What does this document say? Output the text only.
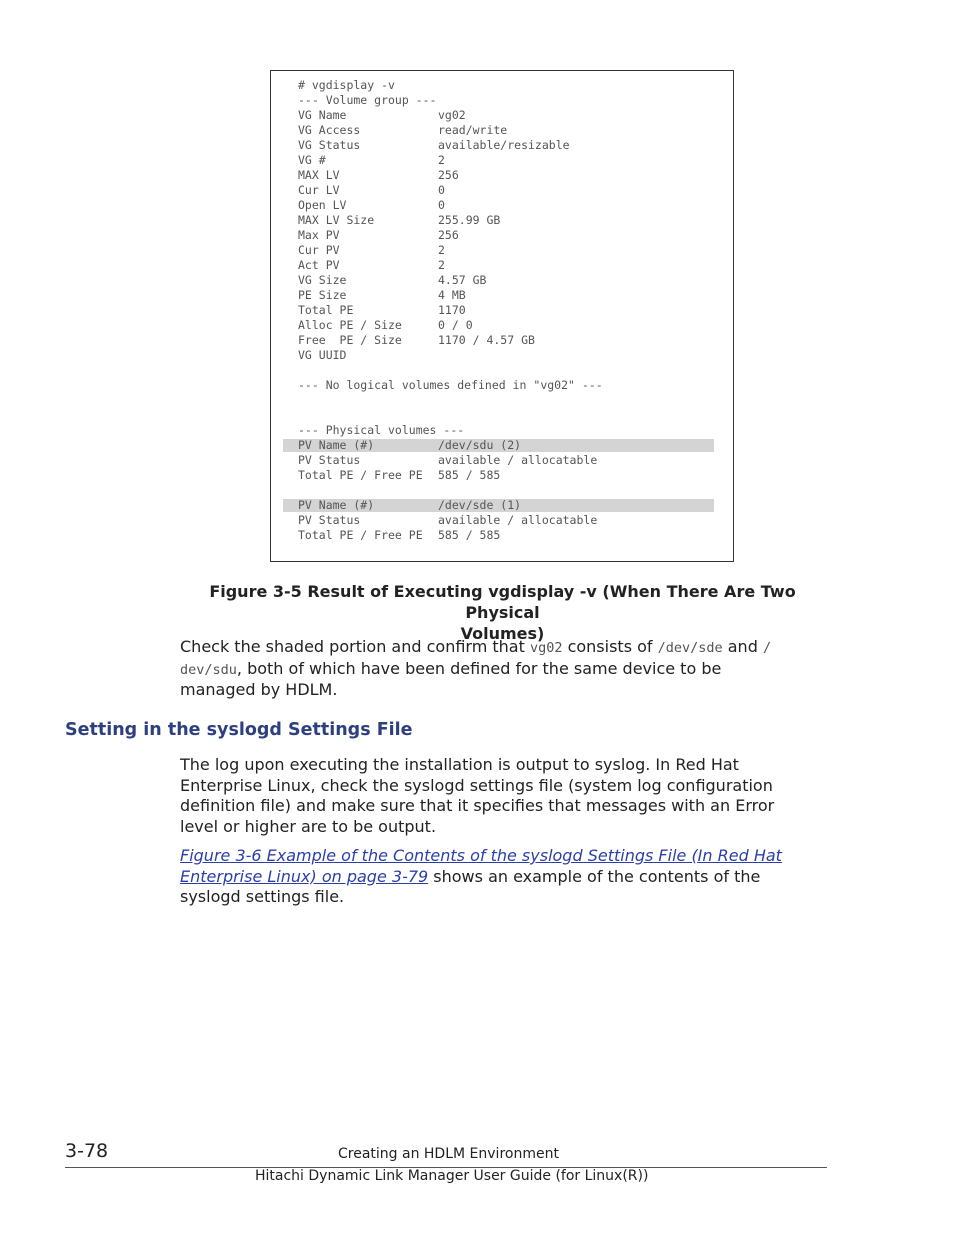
# vgdisplay -v
--- Volume group ---
VG Name	vg02
VG Access	read/write
VG Status	available/resizable
VG #	2
MAX LV	256
Cur LV	0
Open LV	0
MAX LV Size	255.99 GB
Max PV	256
Cur PV	2
Act PV	2
VG Size	4.57 GB
PE Size	4 MB
Total PE	1170
Alloc PE / Size	0 / 0
Free  PE / Size	1170 / 4.57 GB
VG UUID
--- No logical volumes defined in "vg02" ---
--- Physical volumes ---
PV Name (#)	/dev/sdu (2)
PV Status	available / allocatable
Total PE / Free PE 585 / 585
PV Name (#)	/dev/sde (1)
PV Status	available / allocatable
Total PE / Free PE 585 / 585
Figure 3-5 Result of Executing vgdisplay -v (When There Are Two Physical
Volumes)
Check the shaded portion and confirm that vg02 consists of /dev/sde and /
dev/sdu, both of which have been defined for the same device to be
managed by HDLM.
Setting in the syslogd Settings File
The log upon executing the installation is output to syslog. In Red Hat
Enterprise Linux, check the syslogd settings file (system log configuration
definition file) and make sure that it specifies that messages with an Error
level or higher are to be output.
Figure 3-6 Example of the Contents of the syslogd Settings File (In Red Hat
Enterprise Linux) on page 3-79 shows an example of the contents of the
syslogd settings file.
3-78	Creating an HDLM Environment
Hitachi Dynamic Link Manager User Guide (for Linux(R))
